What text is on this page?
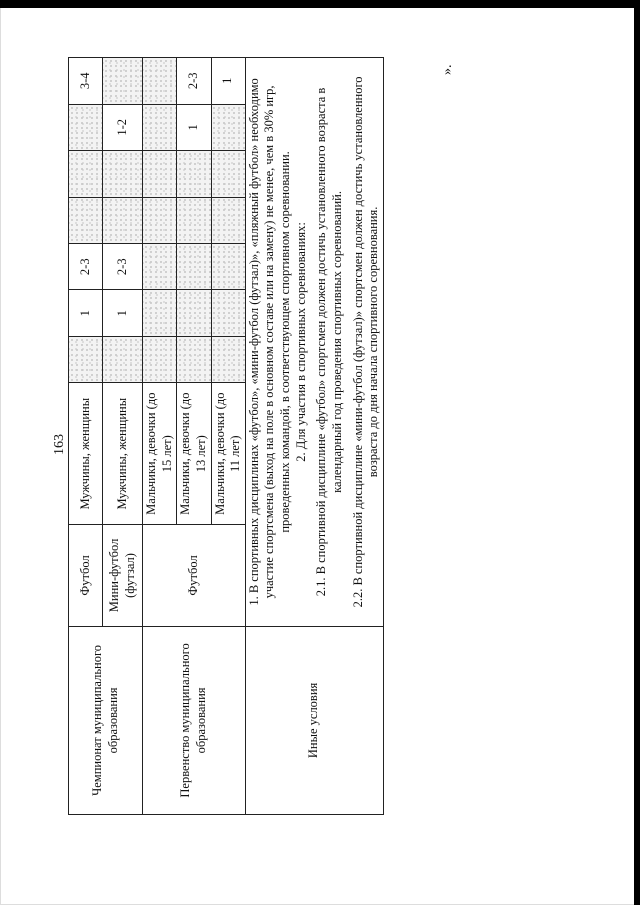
163
Чемпионат муниципального образования	Футбол	Мужчины, женщины		1	2-3				3-4
	Мини-футбол (футзал)	Мужчины, женщины		1	2-3			1-2	
Первенство муниципального образования	Футбол	Мальчики, девочки (до 15 лет)							
		Мальчики, девочки (до 13 лет)						1	2-3
		Мальчики, девочки (до 11 лет)							1
Иные условия	1. В спортивных дисциплинах «футбол», «мини-футбол (футзал)», «пляжный футбол» необходимо участие спортсмена (выход на поле в основном составе или на замену) не менее, чем в 30% игр, проведенных командой, в соответствующем спортивном соревновании. 2. Для участия в спортивных соревнованиях: 2.1. В спортивной дисциплине «футбол» спортсмен должен достичь установленного возраста в календарный год проведения спортивных соревнований. 2.2. В спортивной дисциплине «мини-футбол (футзал)» спортсмен должен достичь установленного возраста до дня начала спортивного соревнования.								

».
